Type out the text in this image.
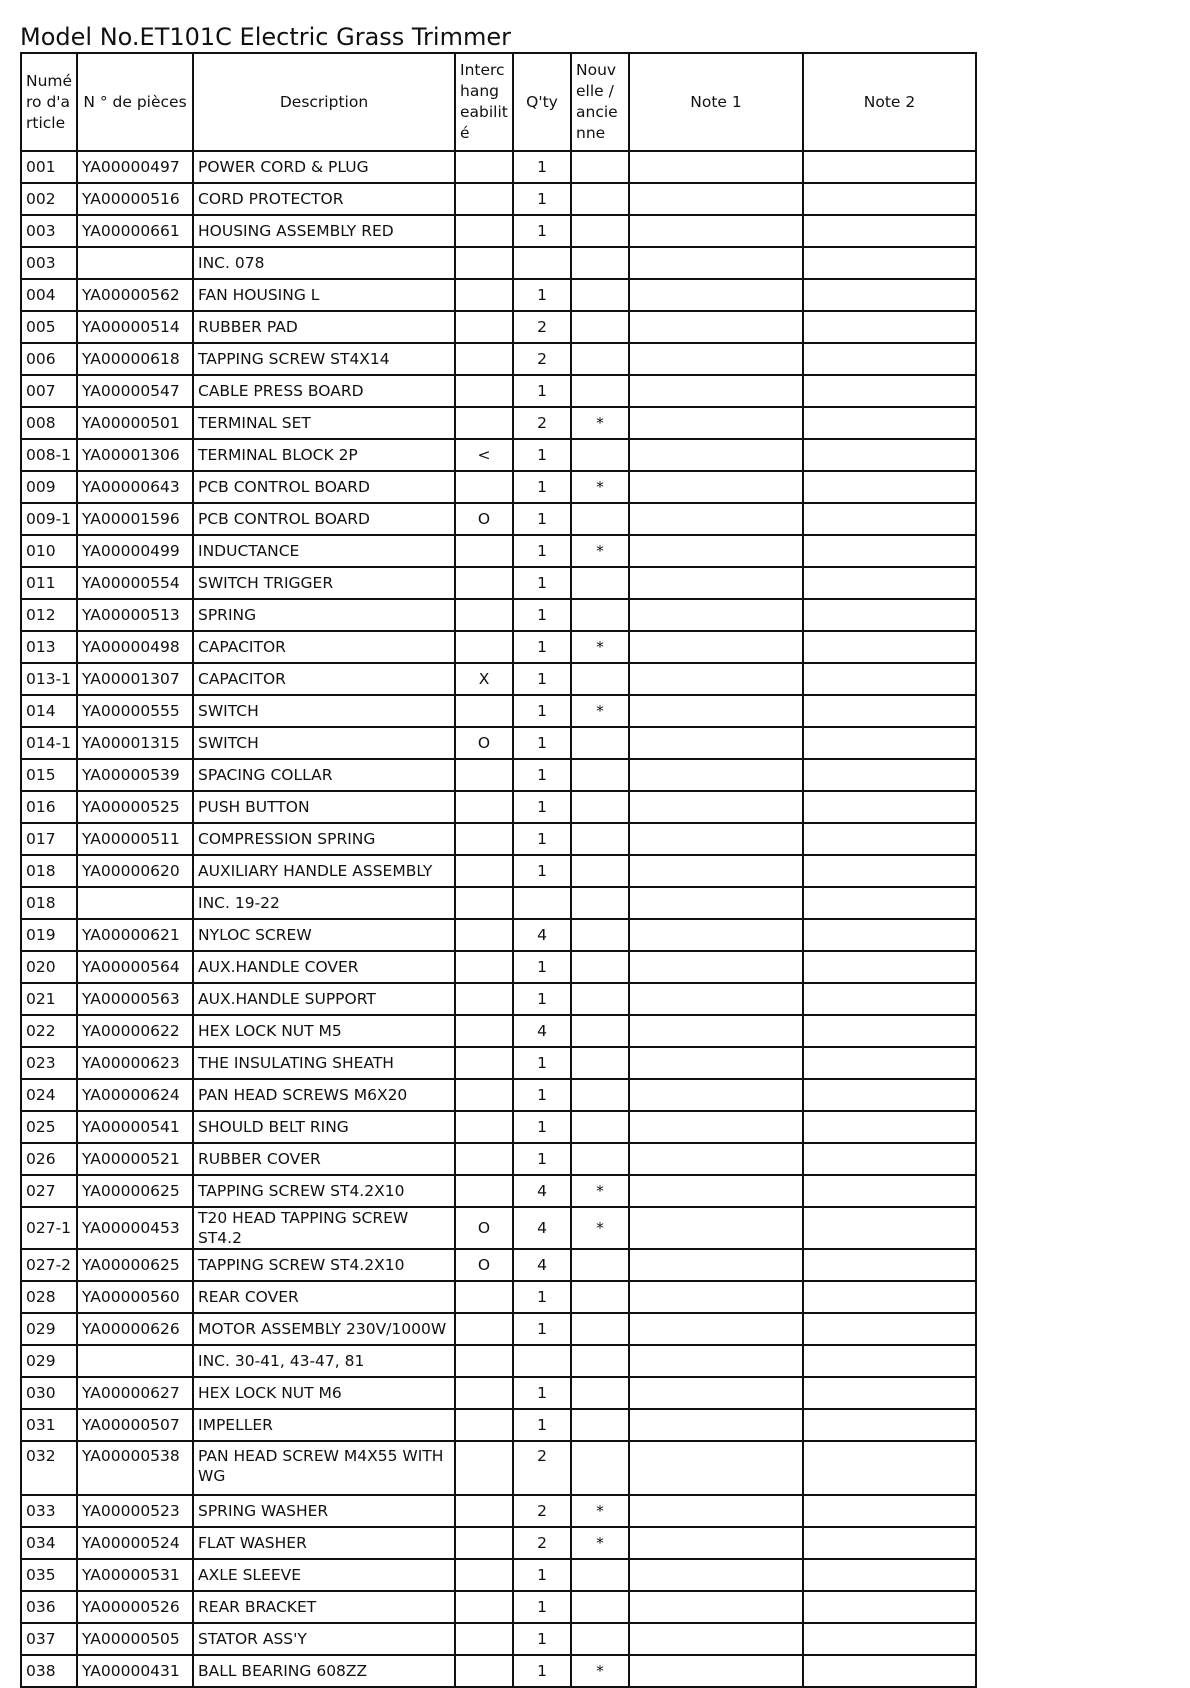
Model No.ET101C Electric Grass Trimmer
Numé ro d'a rticle	N ° de pièces	Description	Interc hang eabilit é	Q'ty	Nouv elle / ancie nne	Note 1	Note 2
001	YA00000497	POWER CORD & PLUG		1			
002	YA00000516	CORD PROTECTOR		1			
003	YA00000661	HOUSING ASSEMBLY RED		1			
003		INC. 078					
004	YA00000562	FAN HOUSING L		1			
005	YA00000514	RUBBER PAD		2			
006	YA00000618	TAPPING SCREW ST4X14		2			
007	YA00000547	CABLE PRESS BOARD		1			
008	YA00000501	TERMINAL SET		2	*		
008-1	YA00001306	TERMINAL BLOCK 2P	<	1			
009	YA00000643	PCB CONTROL BOARD		1	*		
009-1	YA00001596	PCB CONTROL BOARD	O	1			
010	YA00000499	INDUCTANCE		1	*		
011	YA00000554	SWITCH TRIGGER		1			
012	YA00000513	SPRING		1			
013	YA00000498	CAPACITOR		1	*		
013-1	YA00001307	CAPACITOR	X	1			
014	YA00000555	SWITCH		1	*		
014-1	YA00001315	SWITCH	O	1			
015	YA00000539	SPACING COLLAR		1			
016	YA00000525	PUSH BUTTON		1			
017	YA00000511	COMPRESSION SPRING		1			
018	YA00000620	AUXILIARY HANDLE ASSEMBLY		1			
018		INC. 19-22					
019	YA00000621	NYLOC SCREW		4			
020	YA00000564	AUX.HANDLE COVER		1			
021	YA00000563	AUX.HANDLE SUPPORT		1			
022	YA00000622	HEX LOCK NUT M5		4			
023	YA00000623	THE INSULATING SHEATH		1			
024	YA00000624	PAN HEAD SCREWS M6X20		1			
025	YA00000541	SHOULD BELT RING		1			
026	YA00000521	RUBBER COVER		1			
027	YA00000625	TAPPING SCREW ST4.2X10		4	*		
027-1	YA00000453	T20 HEAD TAPPING SCREW ST4.2	O	4	*		
027-2	YA00000625	TAPPING SCREW ST4.2X10	O	4			
028	YA00000560	REAR COVER		1			
029	YA00000626	MOTOR ASSEMBLY 230V/1000W		1			
029		INC. 30-41, 43-47, 81					
030	YA00000627	HEX LOCK NUT M6		1			
031	YA00000507	IMPELLER		1			
032	YA00000538	PAN HEAD SCREW M4X55 WITH WG		2			
033	YA00000523	SPRING WASHER		2	*		
034	YA00000524	FLAT WASHER		2	*		
035	YA00000531	AXLE SLEEVE		1			
036	YA00000526	REAR BRACKET		1			
037	YA00000505	STATOR ASS'Y		1			
038	YA00000431	BALL BEARING 608ZZ		1	*		
